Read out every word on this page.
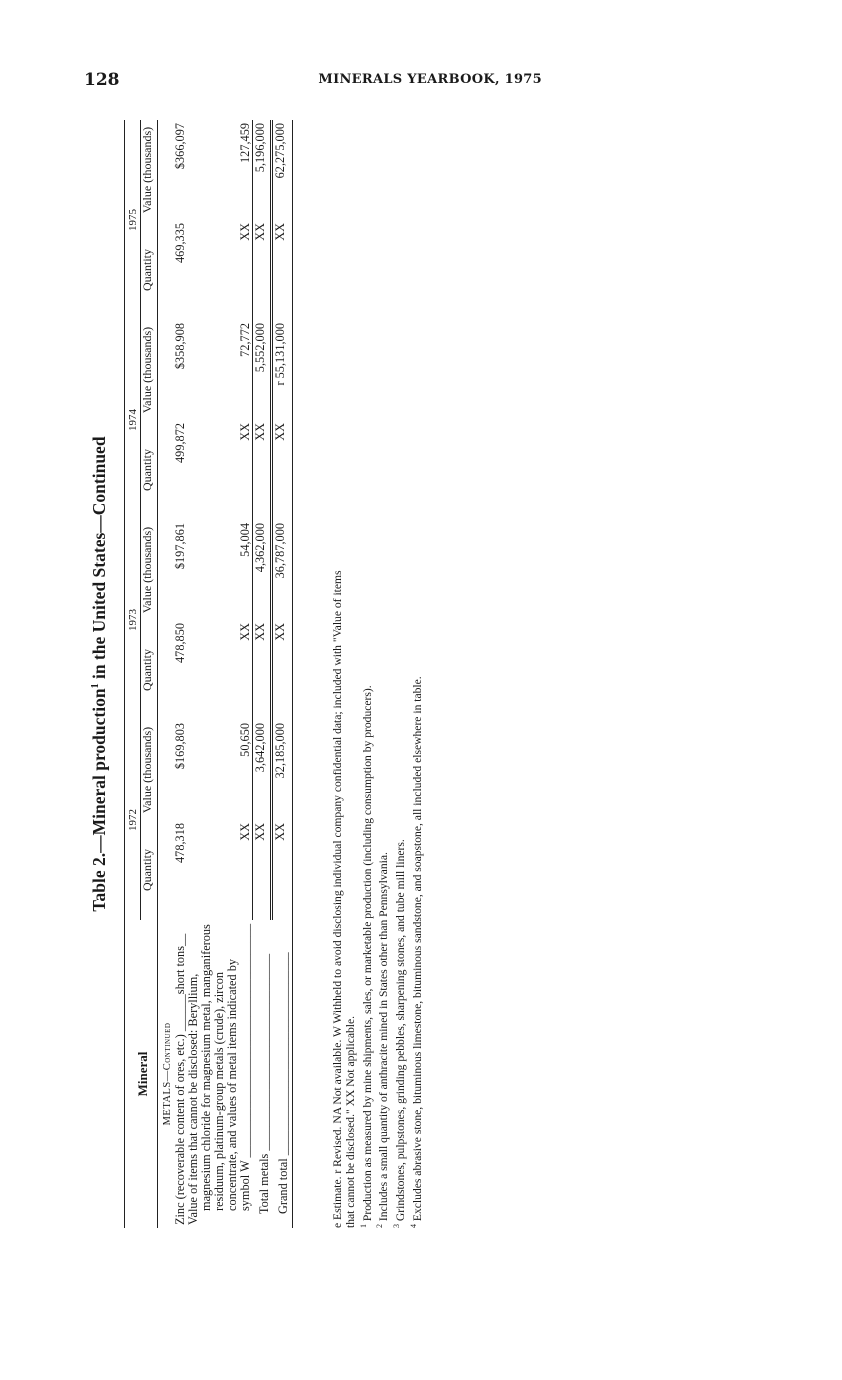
128	MINERALS YEARBOOK, 1975
Table 2.—Mineral production$^1$ in the United States—Continued
Mineral	1972		1973		1974		1975	
	Quantity	Value (thousands)	Quantity	Value (thousands)	Quantity	Value (thousands)	Quantity	Value (thousands)
METALS—Continued								

Zinc (recoverable content of ores, etc.) ______short tons__	478,318	$169,803	478,850	$197,861	499,872	$358,908	469,335	$366,097

Value of items that cannot be disclosed: Beryllium, magnesium chloride for magnesium metal, manganiferous residuum, platinum-group metals (crude), zircon concentrate, and values of metal items indicated by symbol W ______________________________________	XX	50,650	XX	54,004	XX	72,772	XX	127,459
Total metals ________________________________	XX	3,642,000	XX	4,362,000	XX	5,552,000	XX	5,196,000
Grand total _________________________________	XX	32,185,000	XX	36,787,000	XX	r 55,131,000	XX	62,275,000
e Estimate. r Revised. NA Not available. W Withheld to avoid disclosing individual company confidential data; included with "Value of items that cannot be disclosed." XX Not applicable. $^1$ Production as measured by mine shipments, sales, or marketable production (including consumption by producers).
$^2$ Includes a small quantity of anthracite mined in States other than Pennsylvania.
$^3$ Grindstones, pulpstones, grinding pebbles, sharpening stones, and tube mill liners.
$^4$ Excludes abrasive stone, bituminous limestone, bituminous sandstone, and soapstone, all included elsewhere in table.
